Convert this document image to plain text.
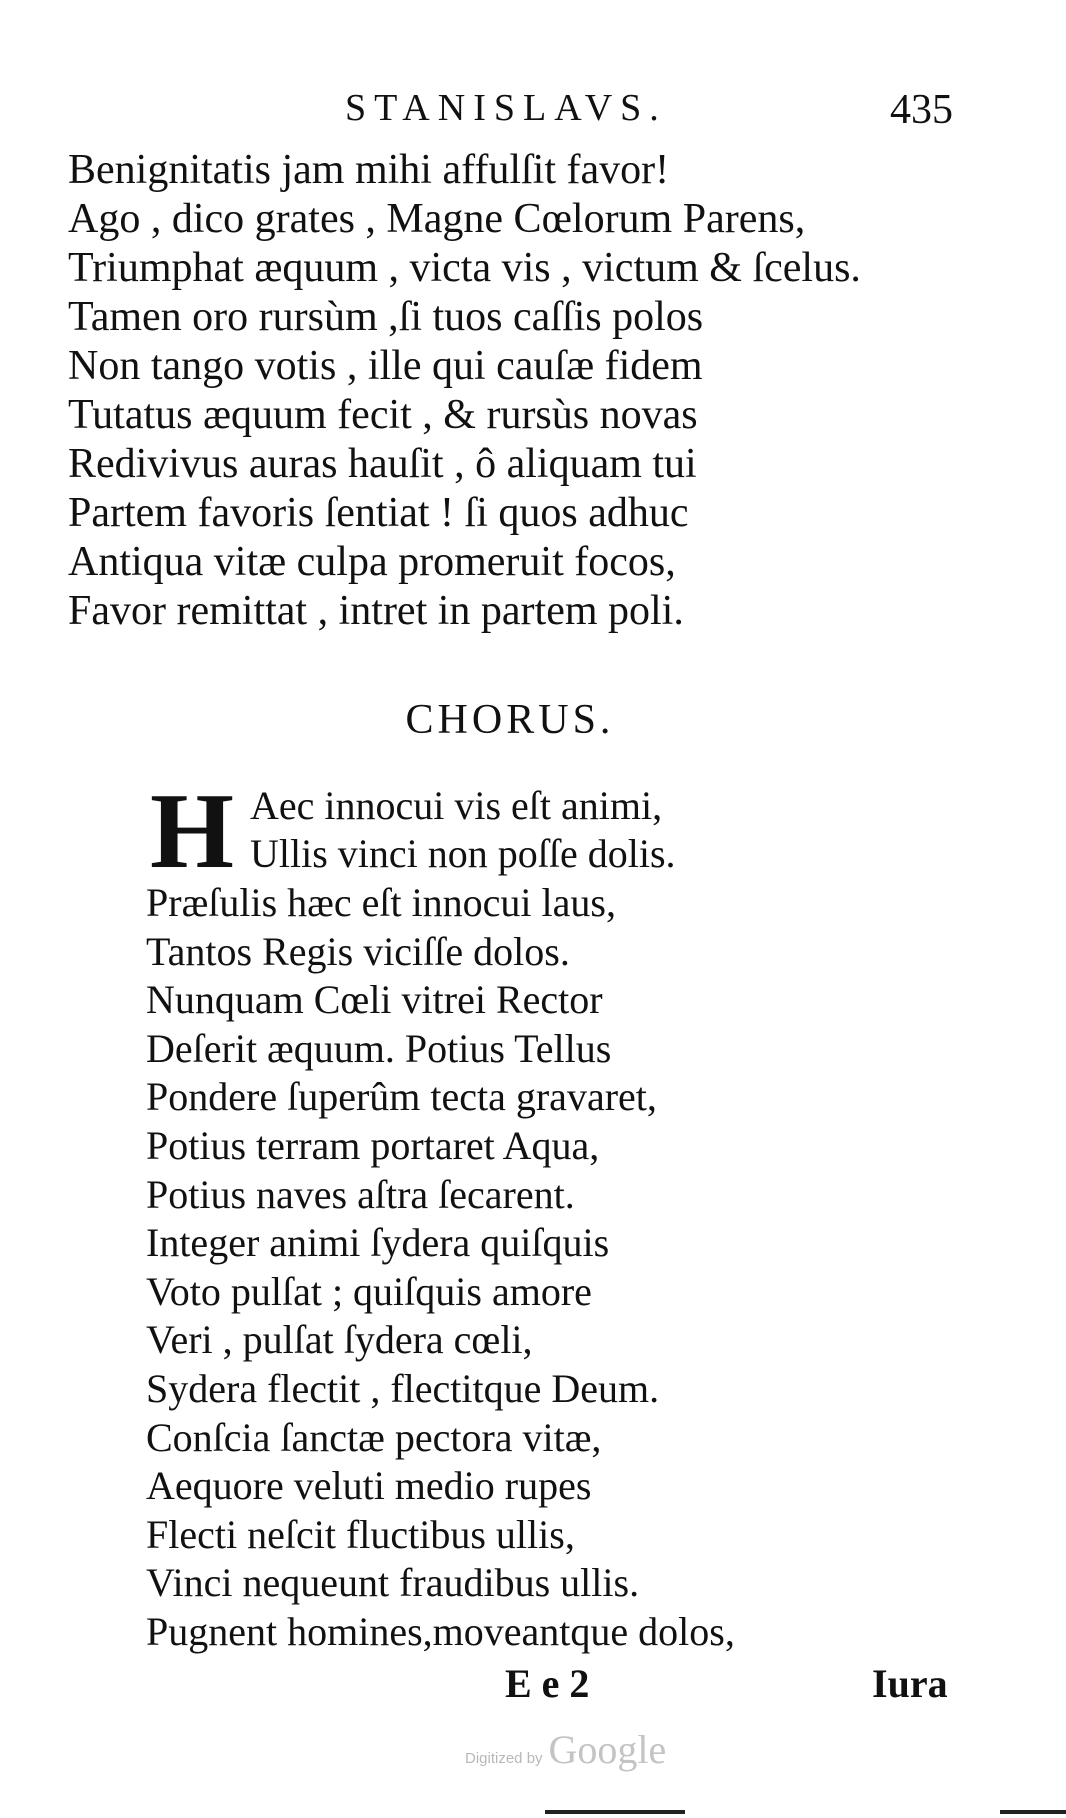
STANISLAVS.	435
Benignitatis jam mihi affulſit favor!
Ago , dico grates , Magne Cœlorum Parens,
Triumphat æquum , victa vis , victum & ſcelus.
Tamen oro rursùm ,ſi tuos caſſis polos
Non tango votis , ille qui cauſæ fidem
Tutatus æquum fecit , & rursùs novas
Redivivus auras hauſit , ô aliquam tui
Partem favoris ſentiat ! ſi quos adhuc
Antiqua vitæ culpa promeruit focos,
Favor remittat , intret in partem poli.
CHORUS.
H Aec innocui vis eſt animi,
Ullis vinci non poſſe dolis.
Præſulis hæc eſt innocui laus,
Tantos Regis viciſſe dolos.
Nunquam Cœli vitrei Rector
Deſerit æquum. Potius Tellus
Pondere ſuperûm tecta gravaret,
Potius terram portaret Aqua,
Potius naves aſtra ſecarent.
Integer animi ſydera quiſquis
Voto pulſat ; quiſquis amore
Veri , pulſat ſydera cœli,
Sydera flectit , flectitque Deum.
Conſcia ſanctæ pectora vitæ,
Aequore veluti medio rupes
Flecti neſcit fluctibus ullis,
Vinci nequeunt fraudibus ullis.
Pugnent homines,moveantque dolos,
E e 2	Iura
Digitized by Google
